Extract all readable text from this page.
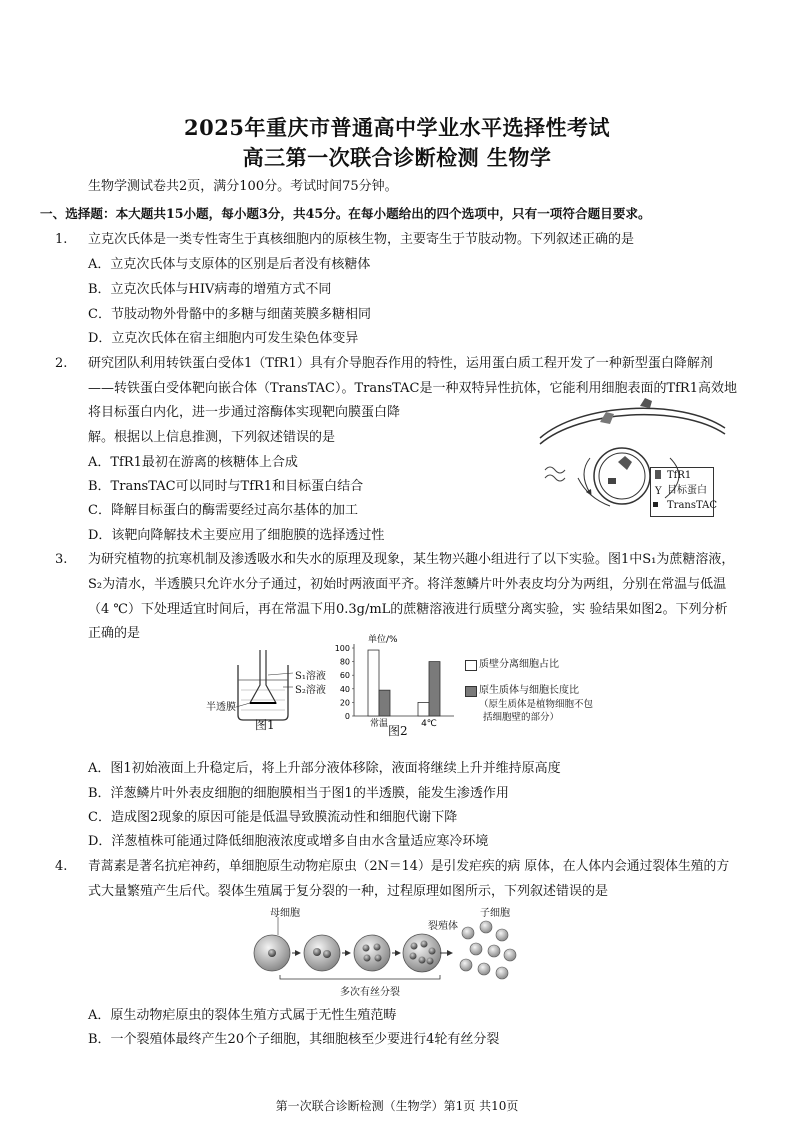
2025年重庆市普通高中学业水平选择性考试
高三第一次联合诊断检测 生物学
生物学测试卷共2页，满分100分。考试时间75分钟。
一、选择题：本大题共15小题，每小题3分，共45分。在每小题给出的四个选项中，只有一项符合题目要求。
1. 立克次氏体是一类专性寄生于真核细胞内的原核生物，主要寄生于节肢动物。下列叙述正确的是
A．立克次氏体与支原体的区别是后者没有核糖体
B．立克次氏体与HIV病毒的增殖方式不同
C．节肢动物外骨骼中的多糖与细菌荚膜多糖相同
D．立克次氏体在宿主细胞内可发生染色体变异
2. 研究团队利用转铁蛋白受体1（TfR1）具有介导胞吞作用的特性，运用蛋白质工程开发了一种新型蛋白降解剂
——转铁蛋白受体靶向嵌合体（TransTAC）。TransTAC是一种双特异性抗体，它能利用细胞表面的TfR1高效地
将目标蛋白内化，进一步通过溶酶体实现靶向膜蛋白降
解。根据以上信息推测，下列叙述错误的是
A．TfR1最初在游离的核糖体上合成
B．TransTAC可以同时与TfR1和目标蛋白结合
C．降解目标蛋白的酶需要经过高尔基体的加工
D．该靶向降解技术主要应用了细胞膜的选择透过性
TfR1
Y 目标蛋白
TransTAC
3. 为研究植物的抗寒机制及渗透吸水和失水的原理及现象，某生物兴趣小组进行了以下实验。图1中S₁为蔗糖溶液，
S₂为清水，半透膜只允许水分子通过，初始时两液面平齐。将洋葱鳞片叶外表皮均分为两组，分别在常温与低温
（4 ℃）下处理适宜时间后，再在常温下用0.3g/mL的蔗糖溶液进行质壁分离实验，实 验结果如图2。下列分析
正确的是
S₁溶液
S₂溶液
半透膜
图1
单位/%
0
20
40
60
80
100
常温	4℃
图2
质壁分离细胞占比
原生质体与细胞长度比
（原生质体是植物细胞不包
括细胞壁的部分）
A．图1初始液面上升稳定后，将上升部分液体移除，液面将继续上升并维持原高度
B．洋葱鳞片叶外表皮细胞的细胞膜相当于图1的半透膜，能发生渗透作用
C．造成图2现象的原因可能是低温导致膜流动性和细胞代谢下降
D．洋葱植株可能通过降低细胞液浓度或增多自由水含量适应寒冷环境
4. 青蒿素是著名抗疟神药，单细胞原生动物疟原虫（2N＝14）是引发疟疾的病 原体，在人体内会通过裂体生殖的方
式大量繁殖产生后代。裂体生殖属于复分裂的一种，过程原理如图所示，下列叙述错误的是
母细胞
裂殖体
子细胞
多次有丝分裂
A．原生动物疟原虫的裂体生殖方式属于无性生殖范畴
B．一个裂殖体最终产生20个子细胞，其细胞核至少要进行4轮有丝分裂
第一次联合诊断检测（生物学）第1页 共10页
